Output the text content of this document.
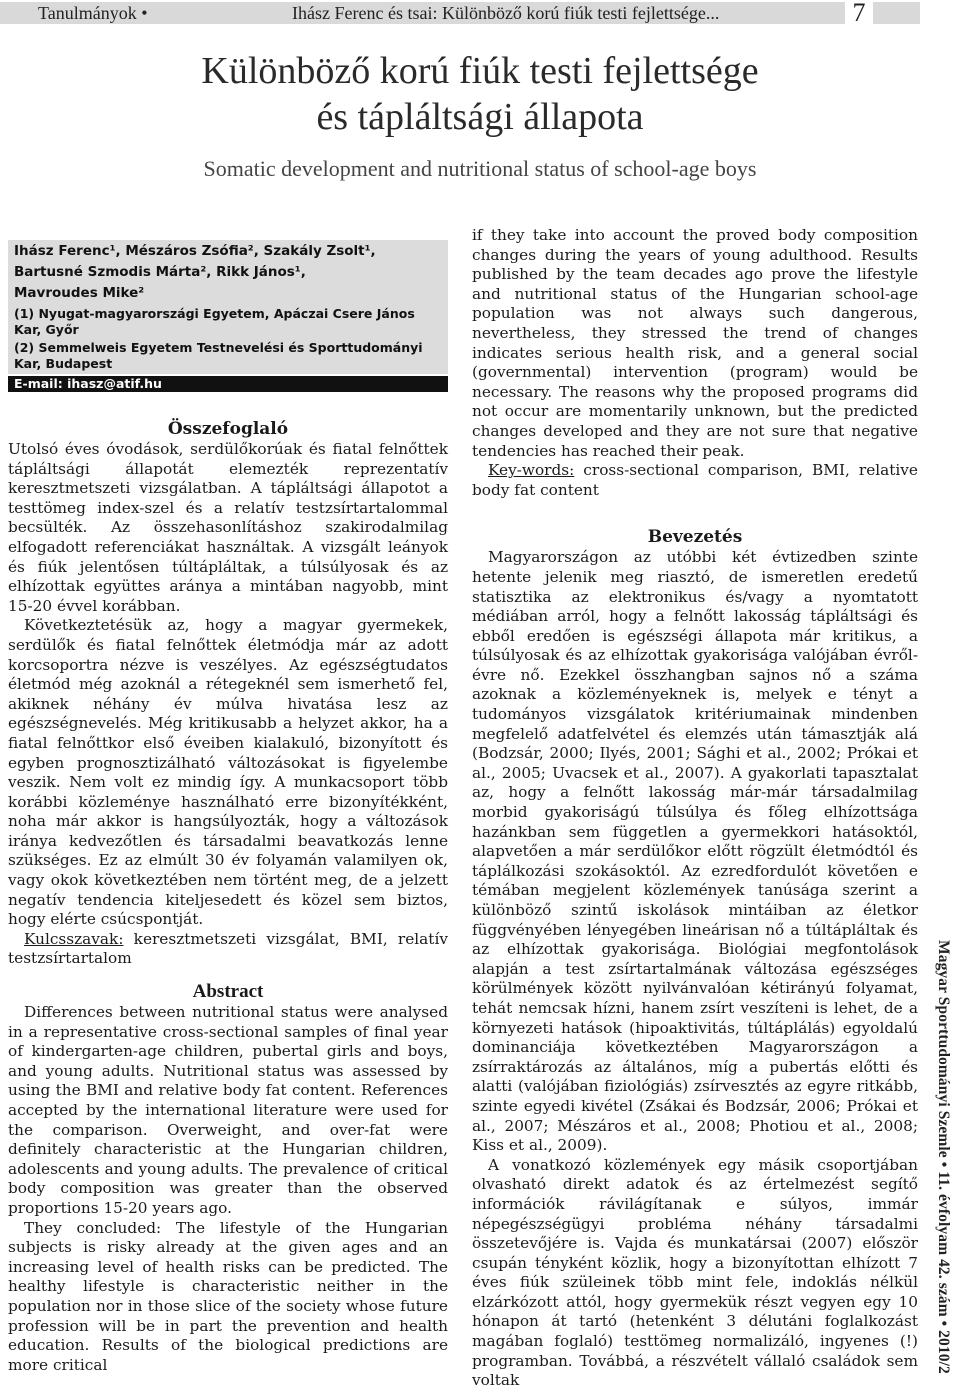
Tanulmányok •	Ihász Ferenc és tsai: Különböző korú fiúk testi fejlettsége...	7
Különböző korú fiúk testi fejlettsége
és tápláltsági állapota
Somatic development and nutritional status of school-age boys
Ihász Ferenc¹, Mészáros Zsófia², Szakály Zsolt¹,
Bartusné Szmodis Márta², Rikk János¹,
Mavroudes Mike²
(1) Nyugat-magyarországi Egyetem, Apáczai Csere János Kar, Győr
(2) Semmelweis Egyetem Testnevelési és Sporttudományi Kar, Budapest
E-mail: ihasz@atif.hu
Összefoglaló

Utolsó éves óvodások, serdülőkorúak és fiatal felnőttek tápláltsági állapotát elemezték reprezentatív keresztmetszeti vizsgálatban. A tápláltsági állapotot a testtömeg index-szel és a relatív testzsírtartalommal becsülték. Az összehasonlításhoz szakirodalmilag elfogadott referenciákat használtak. A vizsgált leányok és fiúk jelentősen túltápláltak, a túlsúlyosak és az elhízottak együttes aránya a mintában nagyobb, mint 15-20 évvel korábban.

Következtetésük az, hogy a magyar gyermekek, serdülők és fiatal felnőttek életmódja már az adott korcsoportra nézve is veszélyes. Az egészségtudatos életmód még azoknál a rétegeknél sem ismerhető fel, akiknek néhány év múlva hivatása lesz az egészségnevelés. Még kritikusabb a helyzet akkor, ha a fiatal felnőttkor első éveiben kialakuló, bizonyított és egyben prognosztizálható változásokat is figyelembe veszik. Nem volt ez mindig így. A munkacsoport több korábbi közleménye használható erre bizonyítékként, noha már akkor is hangsúlyozták, hogy a változások iránya kedvezőtlen és társadalmi beavatkozás lenne szükséges. Ez az elmúlt 30 év folyamán valamilyen ok, vagy okok következtében nem történt meg, de a jelzett negatív tendencia kiteljesedett és közel sem biztos, hogy elérte csúcspontját.

Kulcsszavak: keresztmetszeti vizsgálat, BMI, relatív testzsírtartalom

Abstract

Differences between nutritional status were analysed in a representative cross-sectional samples of final year of kindergarten-age children, pubertal girls and boys, and young adults. Nutritional status was assessed by using the BMI and relative body fat content. References accepted by the international literature were used for the comparison. Overweight, and over-fat were definitely characteristic at the Hungarian children, adolescents and young adults. The prevalence of critical body composition was greater than the observed proportions 15-20 years ago.

They concluded: The lifestyle of the Hungarian subjects is risky already at the given ages and an increasing level of health risks can be predicted. The healthy lifestyle is characteristic neither in the population nor in those slice of the society whose future profession will be in part the prevention and health education. Results of the biological predictions are more critical

if they take into account the proved body composition changes during the years of young adulthood. Results published by the team decades ago prove the lifestyle and nutritional status of the Hungarian school-age population was not always such dangerous, nevertheless, they stressed the trend of changes indicates serious health risk, and a general social (governmental) intervention (program) would be necessary. The reasons why the proposed programs did not occur are momentarily unknown, but the predicted changes developed and they are not sure that negative tendencies has reached their peak.

Key-words: cross-sectional comparison, BMI, relative body fat content

Bevezetés

Magyarországon az utóbbi két évtizedben szinte hetente jelenik meg riasztó, de ismeretlen eredetű statisztika az elektronikus és/vagy a nyomtatott médiában arról, hogy a felnőtt lakosság tápláltsági és ebből eredően is egészségi állapota már kritikus, a túlsúlyosak és az elhízottak gyakorisága valójában évről-évre nő. Ezekkel összhangban sajnos nő a száma azoknak a közleményeknek is, melyek e tényt a tudományos vizsgálatok kritériumainak mindenben megfelelő adatfelvétel és elemzés után támasztják alá (Bodzsár, 2000; Ilyés, 2001; Sághi et al., 2002; Prókai et al., 2005; Uvacsek et al., 2007). A gyakorlati tapasztalat az, hogy a felnőtt lakosság már-már társadalmilag morbid gyakoriságú túlsúlya és főleg elhízottsága hazánkban sem független a gyermekkori hatásoktól, alapvetően a már serdülőkor előtt rögzült életmódtól és táplálkozási szokásoktól. Az ezredfordulót követően e témában megjelent közlemények tanúsága szerint a különböző szintű iskolások mintáiban az életkor függvényében lényegében lineárisan nő a túltápláltak és az elhízottak gyakorisága. Biológiai megfontolások alapján a test zsírtartalmának változása egészséges körülmények között nyilvánvalóan kétirányú folyamat, tehát nemcsak hízni, hanem zsírt veszíteni is lehet, de a környezeti hatások (hipoaktivitás, túltáplálás) egyoldalú dominanciája következtében Magyarországon a zsírraktározás az általános, míg a pubertás előtti és alatti (valójában fiziológiás) zsírvesztés az egyre ritkább, szinte egyedi kivétel (Zsákai és Bodzsár, 2006; Prókai et al., 2007; Mészáros et al., 2008; Photiou et al., 2008; Kiss et al., 2009).

A vonatkozó közlemények egy másik csoportjában olvasható direkt adatok és az értelmezést segítő információk rávilágítanak e súlyos, immár népegészségügyi probléma néhány társadalmi összetevőjére is. Vajda és munkatársai (2007) először csupán tényként közlik, hogy a bizonyítottan elhízott 7 éves fiúk szüleinek több mint fele, indoklás nélkül elzárkózott attól, hogy gyermekük részt vegyen egy 10 hónapon át tartó (hetenként 3 délutáni foglalkozást magában foglaló) testtömeg normalizáló, ingyenes (!) programban. Továbbá, a részvételt vállaló családok sem voltak

Magyar Sporttudományi Szemle • 11. évfolyam 42. szám • 2010/2
